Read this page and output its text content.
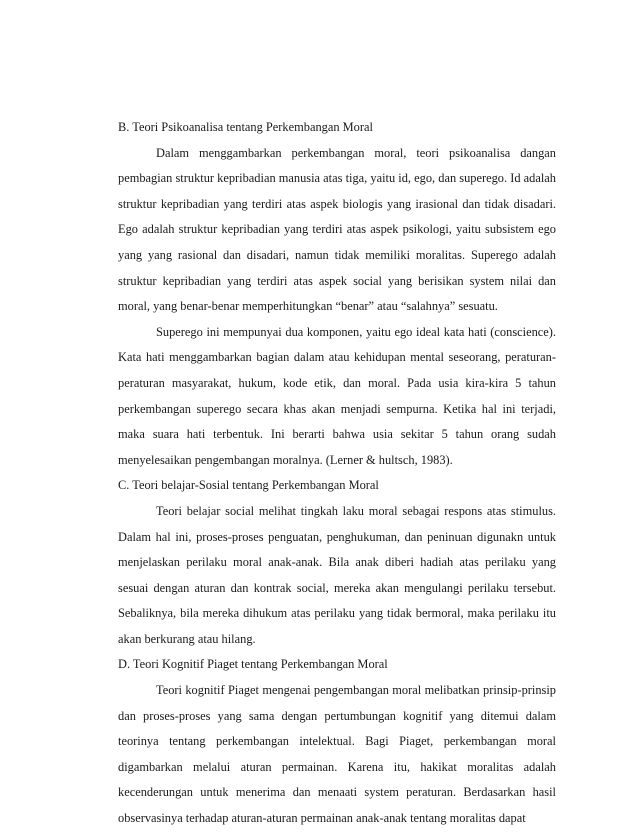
B. Teori Psikoanalisa tentang Perkembangan Moral

Dalam menggambarkan perkembangan moral, teori psikoanalisa dangan pembagian struktur kepribadian manusia atas tiga, yaitu id, ego, dan superego. Id adalah struktur kepribadian yang terdiri atas aspek biologis yang irasional dan tidak disadari. Ego adalah struktur kepribadian yang terdiri atas aspek psikologi, yaitu subsistem ego yang yang rasional dan disadari, namun tidak memiliki moralitas. Superego adalah struktur kepribadian yang terdiri atas aspek social yang berisikan system nilai dan moral, yang benar-benar memperhitungkan “benar” atau “salahnya” sesuatu.

Superego ini mempunyai dua komponen, yaitu ego ideal kata hati (conscience). Kata hati menggambarkan bagian dalam atau kehidupan mental seseorang, peraturan-peraturan masyarakat, hukum, kode etik, dan moral. Pada usia kira-kira 5 tahun perkembangan superego secara khas akan menjadi sempurna. Ketika hal ini terjadi, maka suara hati terbentuk. Ini berarti bahwa usia sekitar 5 tahun orang sudah menyelesaikan pengembangan moralnya. (Lerner & hultsch, 1983).

C. Teori belajar-Sosial tentang Perkembangan Moral

Teori belajar social melihat tingkah laku moral sebagai respons atas stimulus. Dalam hal ini, proses-proses penguatan, penghukuman, dan peninuan digunakn untuk menjelaskan perilaku moral anak-anak. Bila anak diberi hadiah atas perilaku yang sesuai dengan aturan dan kontrak social, mereka akan mengulangi perilaku tersebut. Sebaliknya, bila mereka dihukum atas perilaku yang tidak bermoral, maka perilaku itu akan berkurang atau hilang.

D. Teori Kognitif Piaget tentang Perkembangan Moral

Teori kognitif Piaget mengenai pengembangan moral melibatkan prinsip-prinsip dan proses-proses yang sama dengan pertumbungan kognitif yang ditemui dalam teorinya tentang perkembangan intelektual. Bagi Piaget, perkembangan moral digambarkan melalui aturan permainan. Karena itu, hakikat moralitas adalah kecenderungan untuk menerima dan menaati system peraturan. Berdasarkan hasil observasinya terhadap aturan-aturan permainan anak-anak tentang moralitas dapat
